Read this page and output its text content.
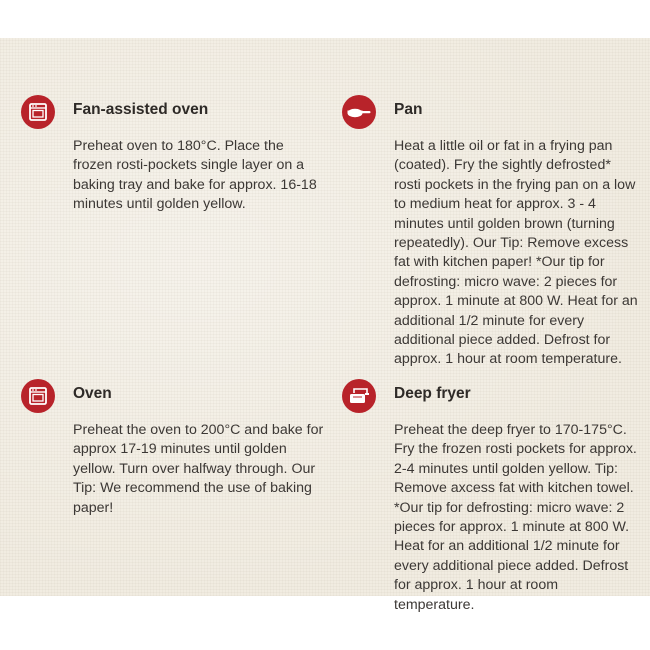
Fan-assisted oven
Preheat oven to 180°C. Place the frozen rosti-pockets single layer on a baking tray and bake for approx. 16-18 minutes until golden yellow.
Pan
Heat a little oil or fat in a frying pan (coated). Fry the sightly defrosted* rosti pockets in the frying pan on a low to medium heat for approx. 3 - 4 minutes until golden brown (turning repeatedly). Our Tip: Remove excess fat with kitchen paper! *Our tip for defrosting: micro wave: 2 pieces for approx. 1 minute at 800 W. Heat for an additional 1/2 minute for every additional piece added. Defrost for approx. 1 hour at room temperature.
Oven
Preheat the oven to 200°C and bake for approx 17-19 minutes until golden yellow. Turn over halfway through. Our Tip: We recommend the use of baking paper!
Deep fryer
Preheat the deep fryer to 170-175°C. Fry the frozen rosti pockets for approx. 2-4 minutes until golden yellow. Tip: Remove axcess fat with kitchen towel. *Our tip for defrosting: micro wave: 2 pieces for approx. 1 minute at 800 W. Heat for an additional 1/2 minute for every additional piece added. Defrost for approx. 1 hour at room temperature.
